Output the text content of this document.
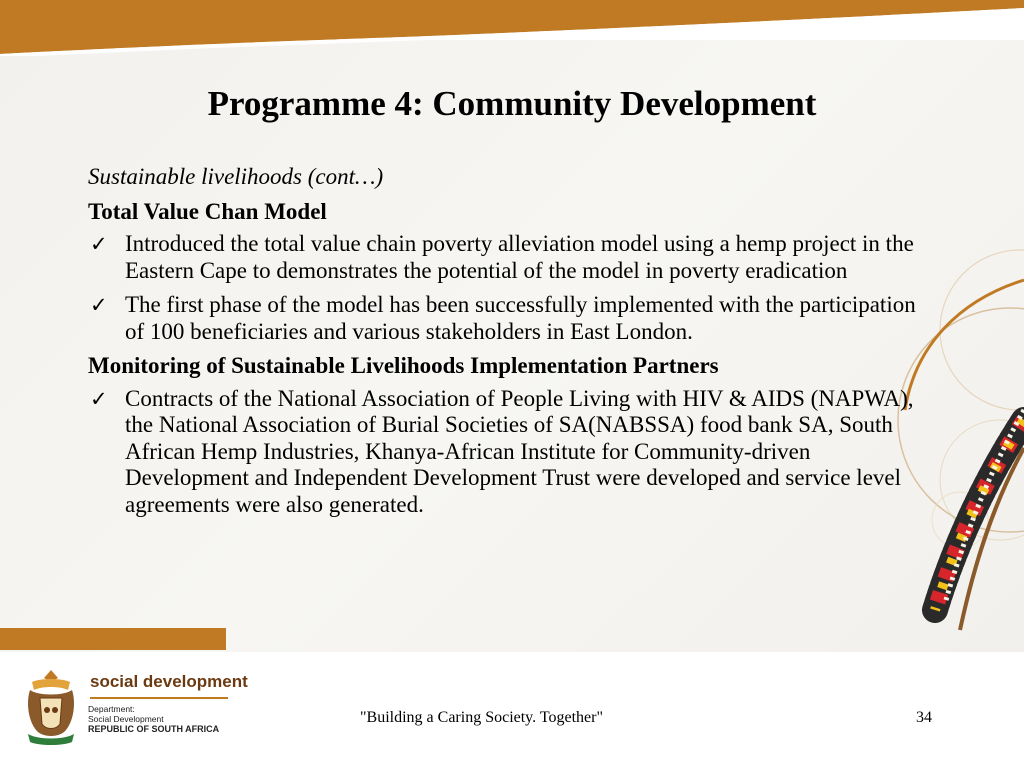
Programme 4: Community Development

Sustainable livelihoods (cont…)

Total Value Chan Model

✓ Introduced the total value chain poverty alleviation model using a hemp project in the Eastern Cape to demonstrates the potential of the model in poverty eradication
✓ The first phase of the model has been successfully implemented with the participation of 100 beneficiaries and various stakeholders in East London.

Monitoring of Sustainable Livelihoods Implementation Partners

✓ Contracts of the National Association of People Living with HIV & AIDS (NAPWA), the National Association of Burial Societies of SA(NABSSA) food bank SA, South African Hemp Industries, Khanya-African Institute for Community-driven Development and Independent Development Trust were developed and service level agreements were also generated.
social development
Department:
Social Development
REPUBLIC OF SOUTH AFRICA
"Building a Caring Society. Together"	34
